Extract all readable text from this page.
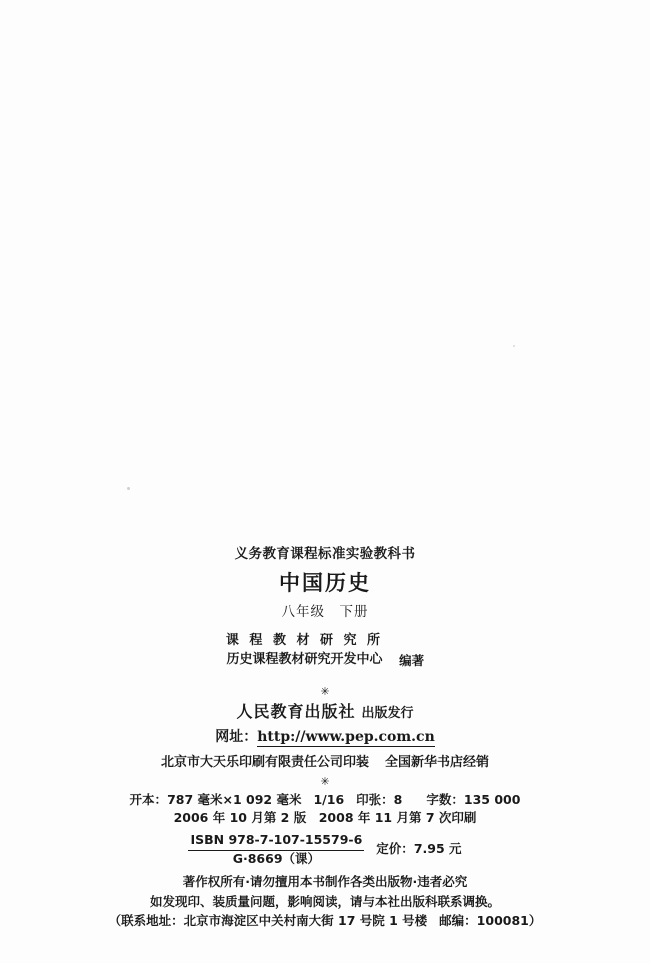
义务教育课程标准实验教科书
中国历史
八年级　下册
课 程 教 材 研 究 所
历史课程教材研究开发中心 编著
✳
人民教育出版社 出版发行
网址：http://www.pep.com.cn
北京市大天乐印刷有限责任公司印装 全国新华书店经销
✳
开本：787 毫米×1 092 毫米 1/16 印张：8 字数：135 000
2006 年 10 月第 2 版　2008 年 11 月第 7 次印刷
ISBN 978-7-107-15579-6
G·8669（课）
定价：7.95 元
著作权所有·请勿擅用本书制作各类出版物·违者必究
如发现印、装质量问题，影响阅读，请与本社出版科联系调换。
（联系地址：北京市海淀区中关村南大街 17 号院 1 号楼 邮编：100081）
